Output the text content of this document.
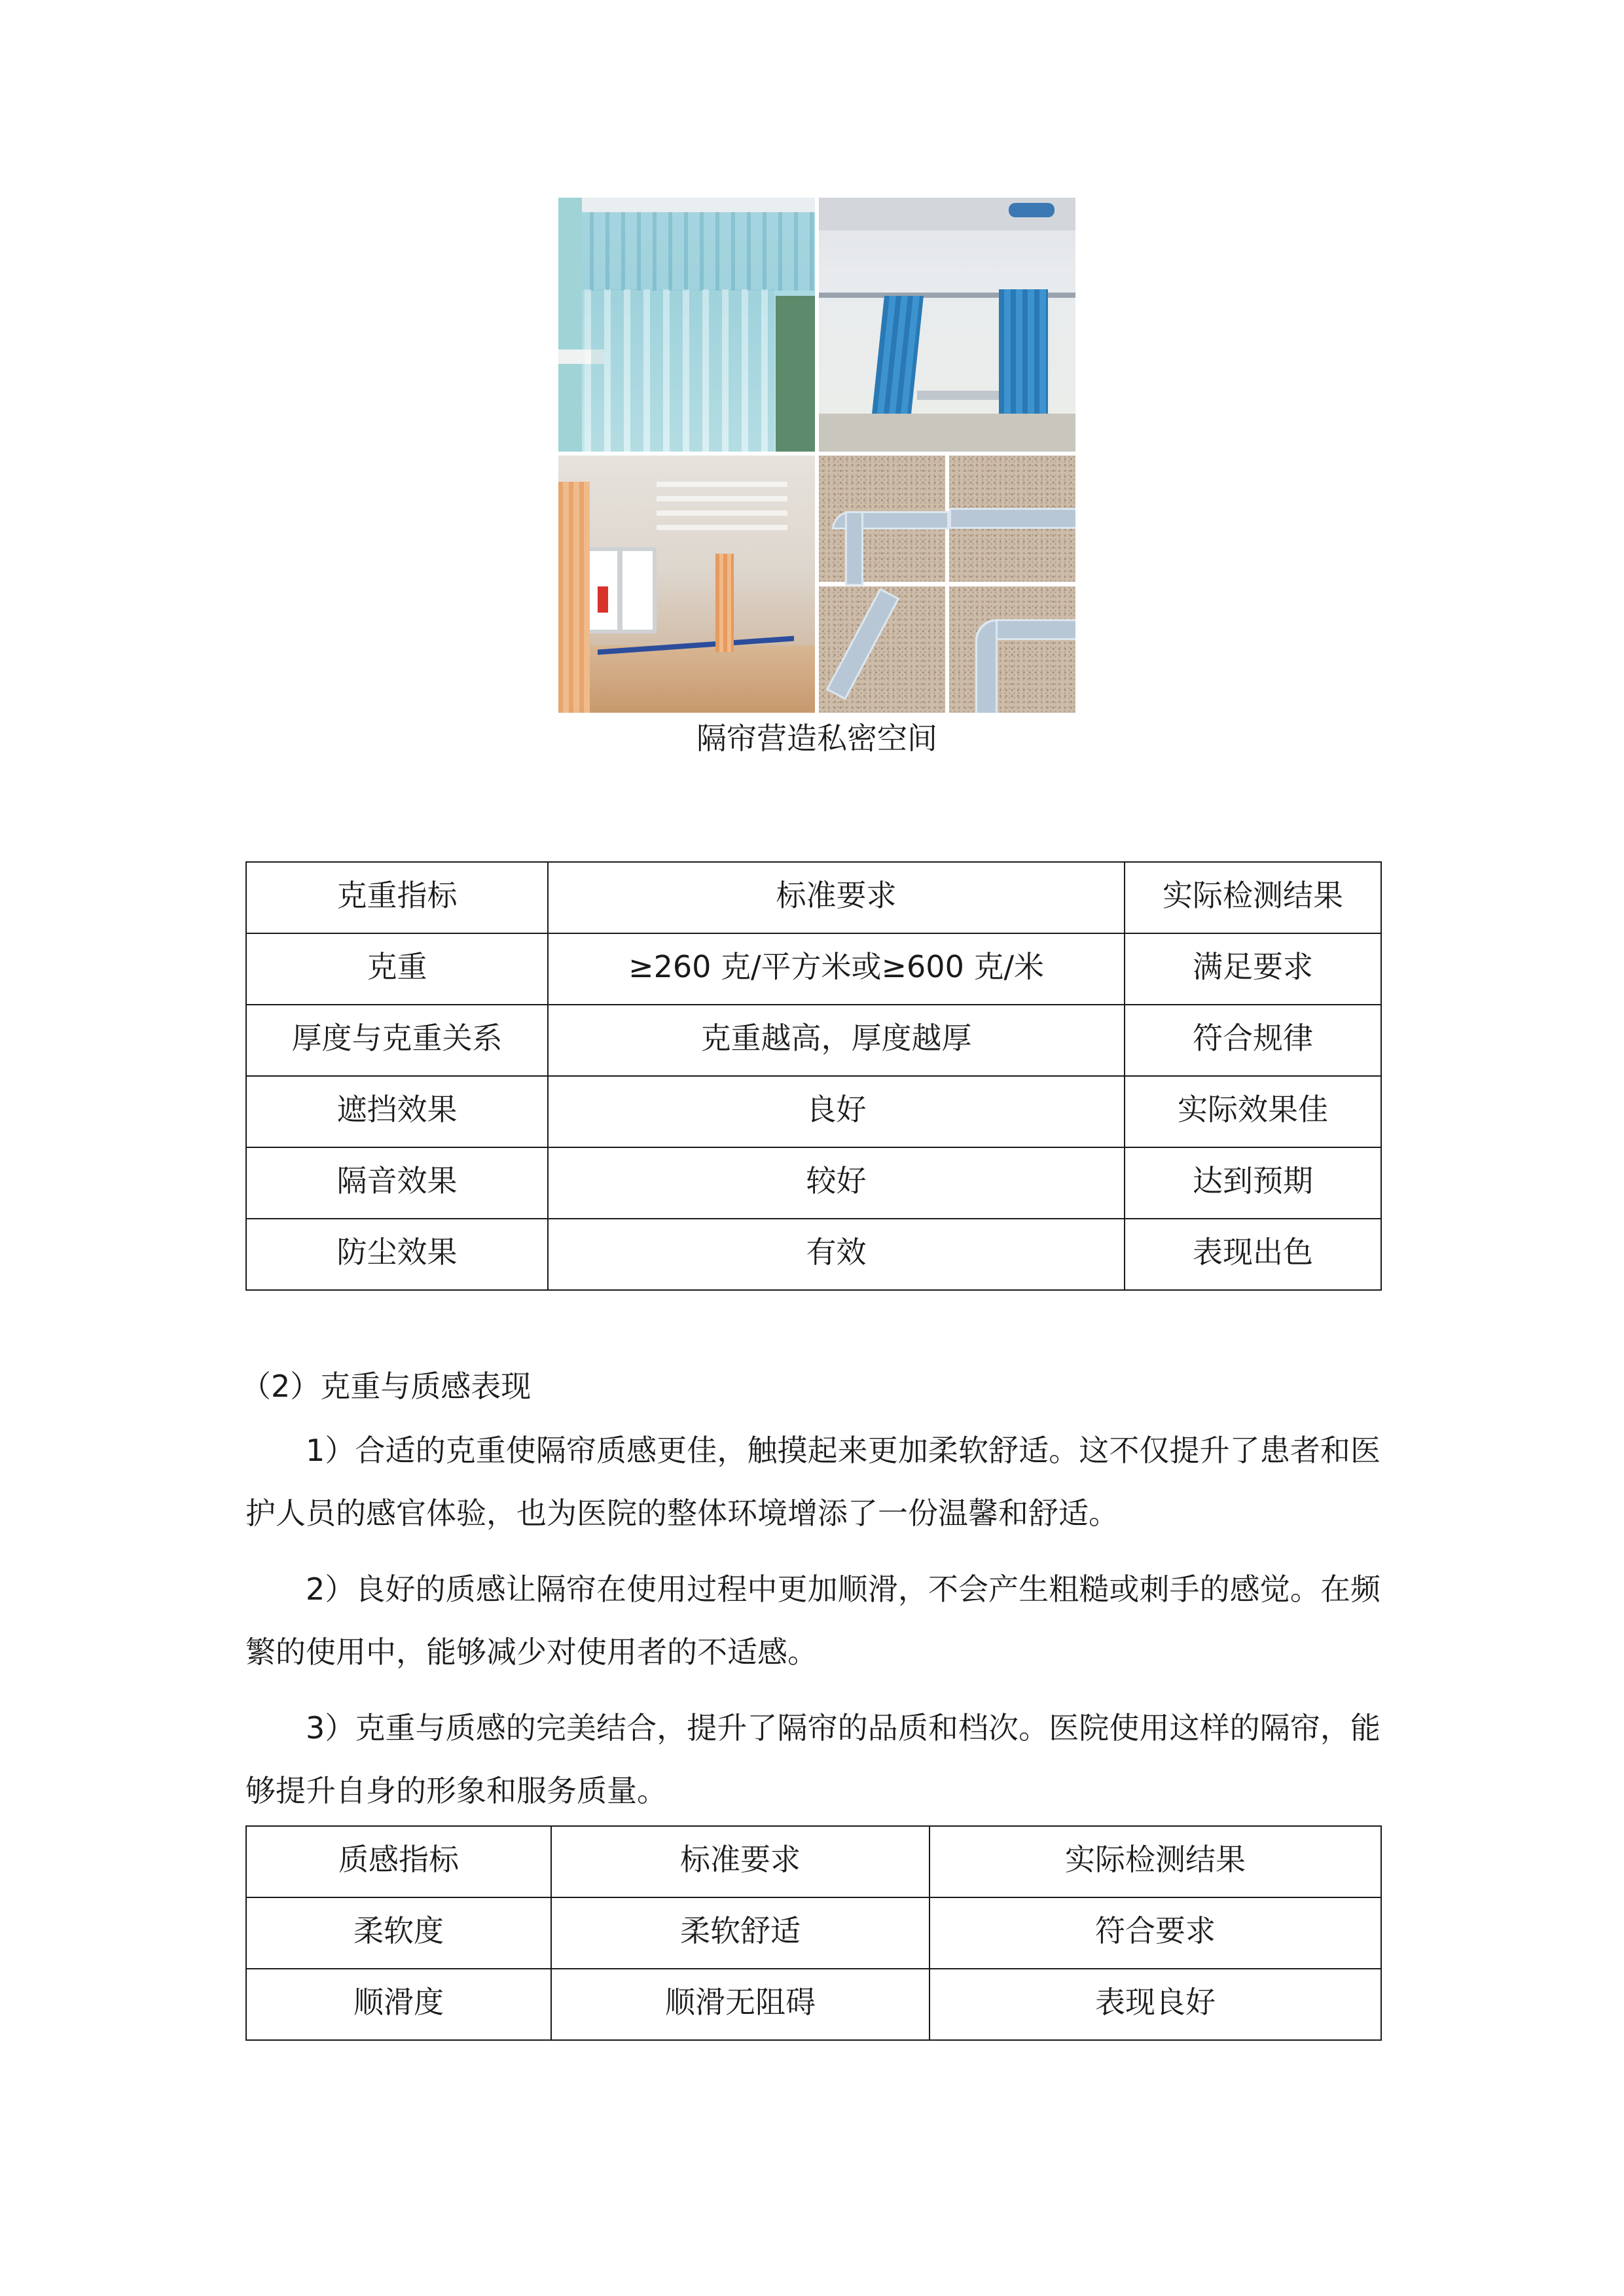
隔帘营造私密空间
克重指标	标准要求	实际检测结果
克重	≥260 克/平方米或≥600 克/米	满足要求
厚度与克重关系	克重越高，厚度越厚	符合规律
遮挡效果	良好	实际效果佳
隔音效果	较好	达到预期
防尘效果	有效	表现出色
（2）克重与质感表现
1）合适的克重使隔帘质感更佳，触摸起来更加柔软舒适。这不仅提升了患者和医护人员的感官体验，也为医院的整体环境增添了一份温馨和舒适。
2）良好的质感让隔帘在使用过程中更加顺滑，不会产生粗糙或刺手的感觉。在频繁的使用中，能够减少对使用者的不适感。
3）克重与质感的完美结合，提升了隔帘的品质和档次。医院使用这样的隔帘，能够提升自身的形象和服务质量。
质感指标	标准要求	实际检测结果
柔软度	柔软舒适	符合要求
顺滑度	顺滑无阻碍	表现良好
